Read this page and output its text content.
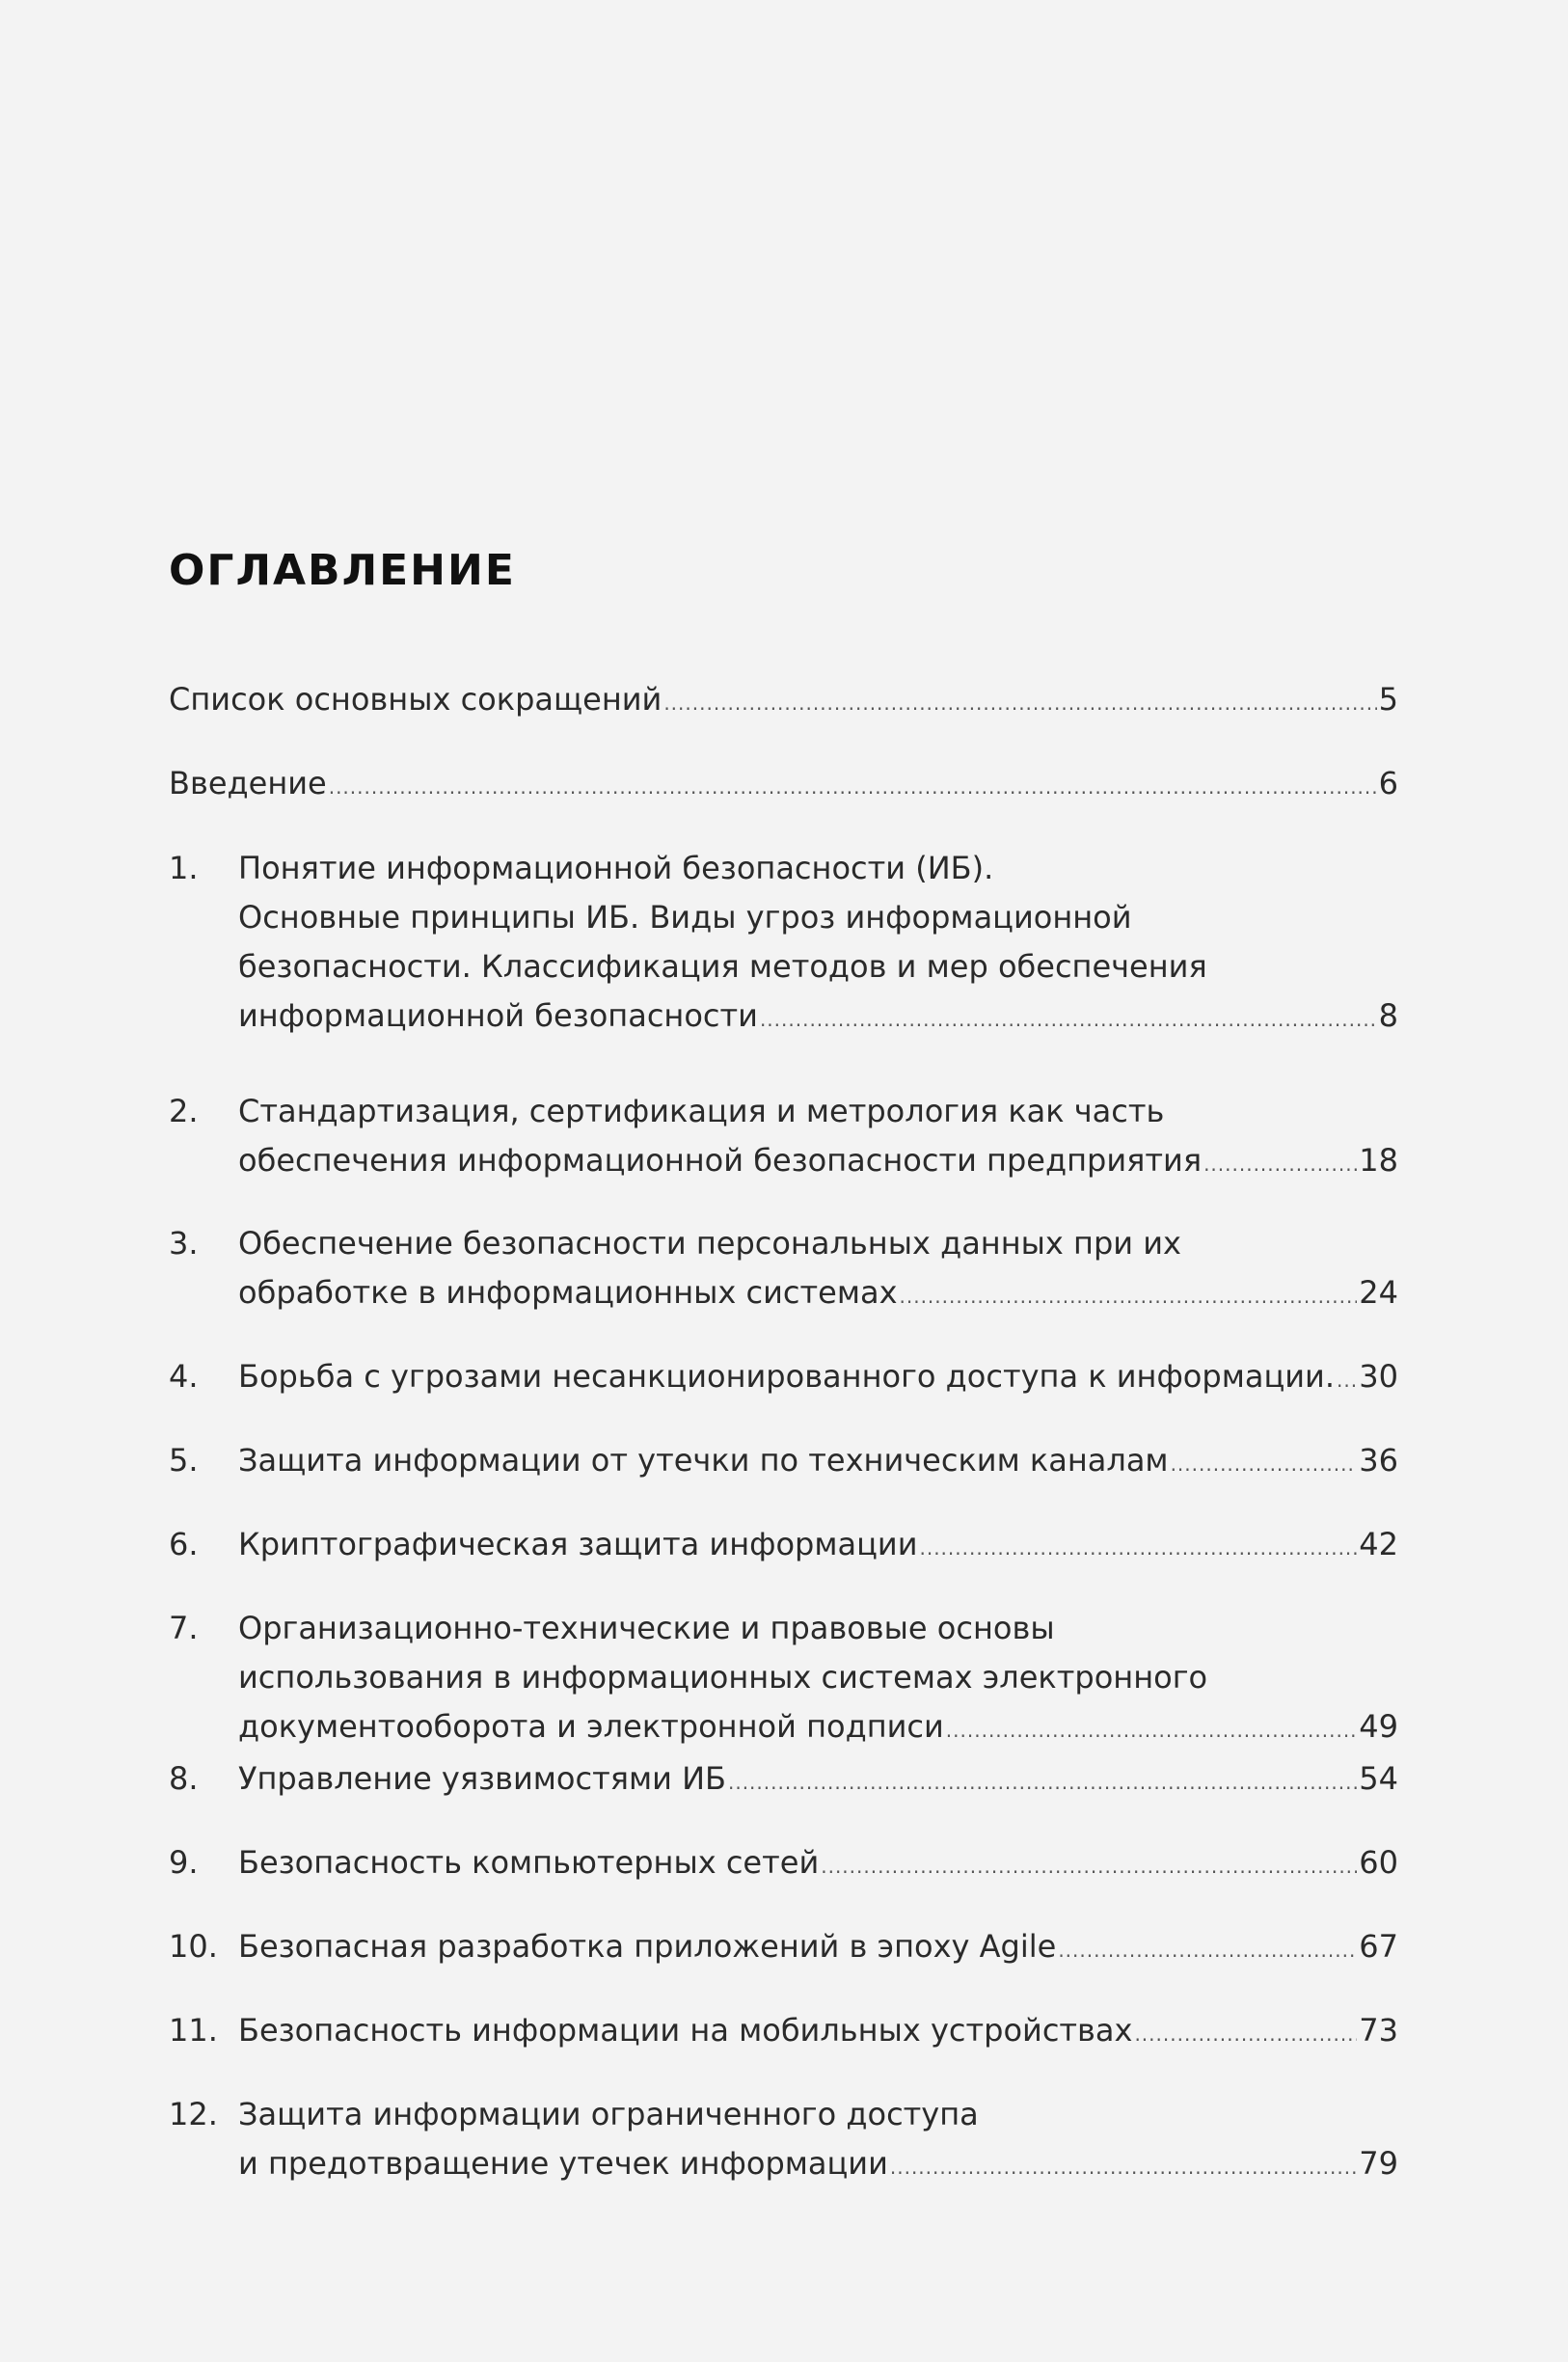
ОГЛАВЛЕНИЕ
Список основных сокращений .....	5
Введение .....	6
1. Понятие информационной безопасности (ИБ).
Основные принципы ИБ. Виды угроз информационной
безопасности. Классификация методов и мер обеспечения
информационной безопасности .....	8
2. Стандартизация, сертификация и метрология как часть
обеспечения информационной безопасности предприятия .....	18
3. Обеспечение безопасности персональных данных при их
обработке в информационных системах .....	24
4. Борьба с угрозами несанкционированного доступа к информации. ..... 30
5. Защита информации от утечки по техническим каналам .....	36
6. Криптографическая защита информации .....	42
7. Организационно-технические и правовые основы
использования в информационных системах электронного
документооборота и электронной подписи .....	49
8. Управление уязвимостями ИБ .....	54
9. Безопасность компьютерных сетей .....	60
10. Безопасная разработка приложений в эпоху Agile .....	67
11. Безопасность информации на мобильных устройствах .....	73
12. Защита информации ограниченного доступа
и предотвращение утечек информации .....	79
